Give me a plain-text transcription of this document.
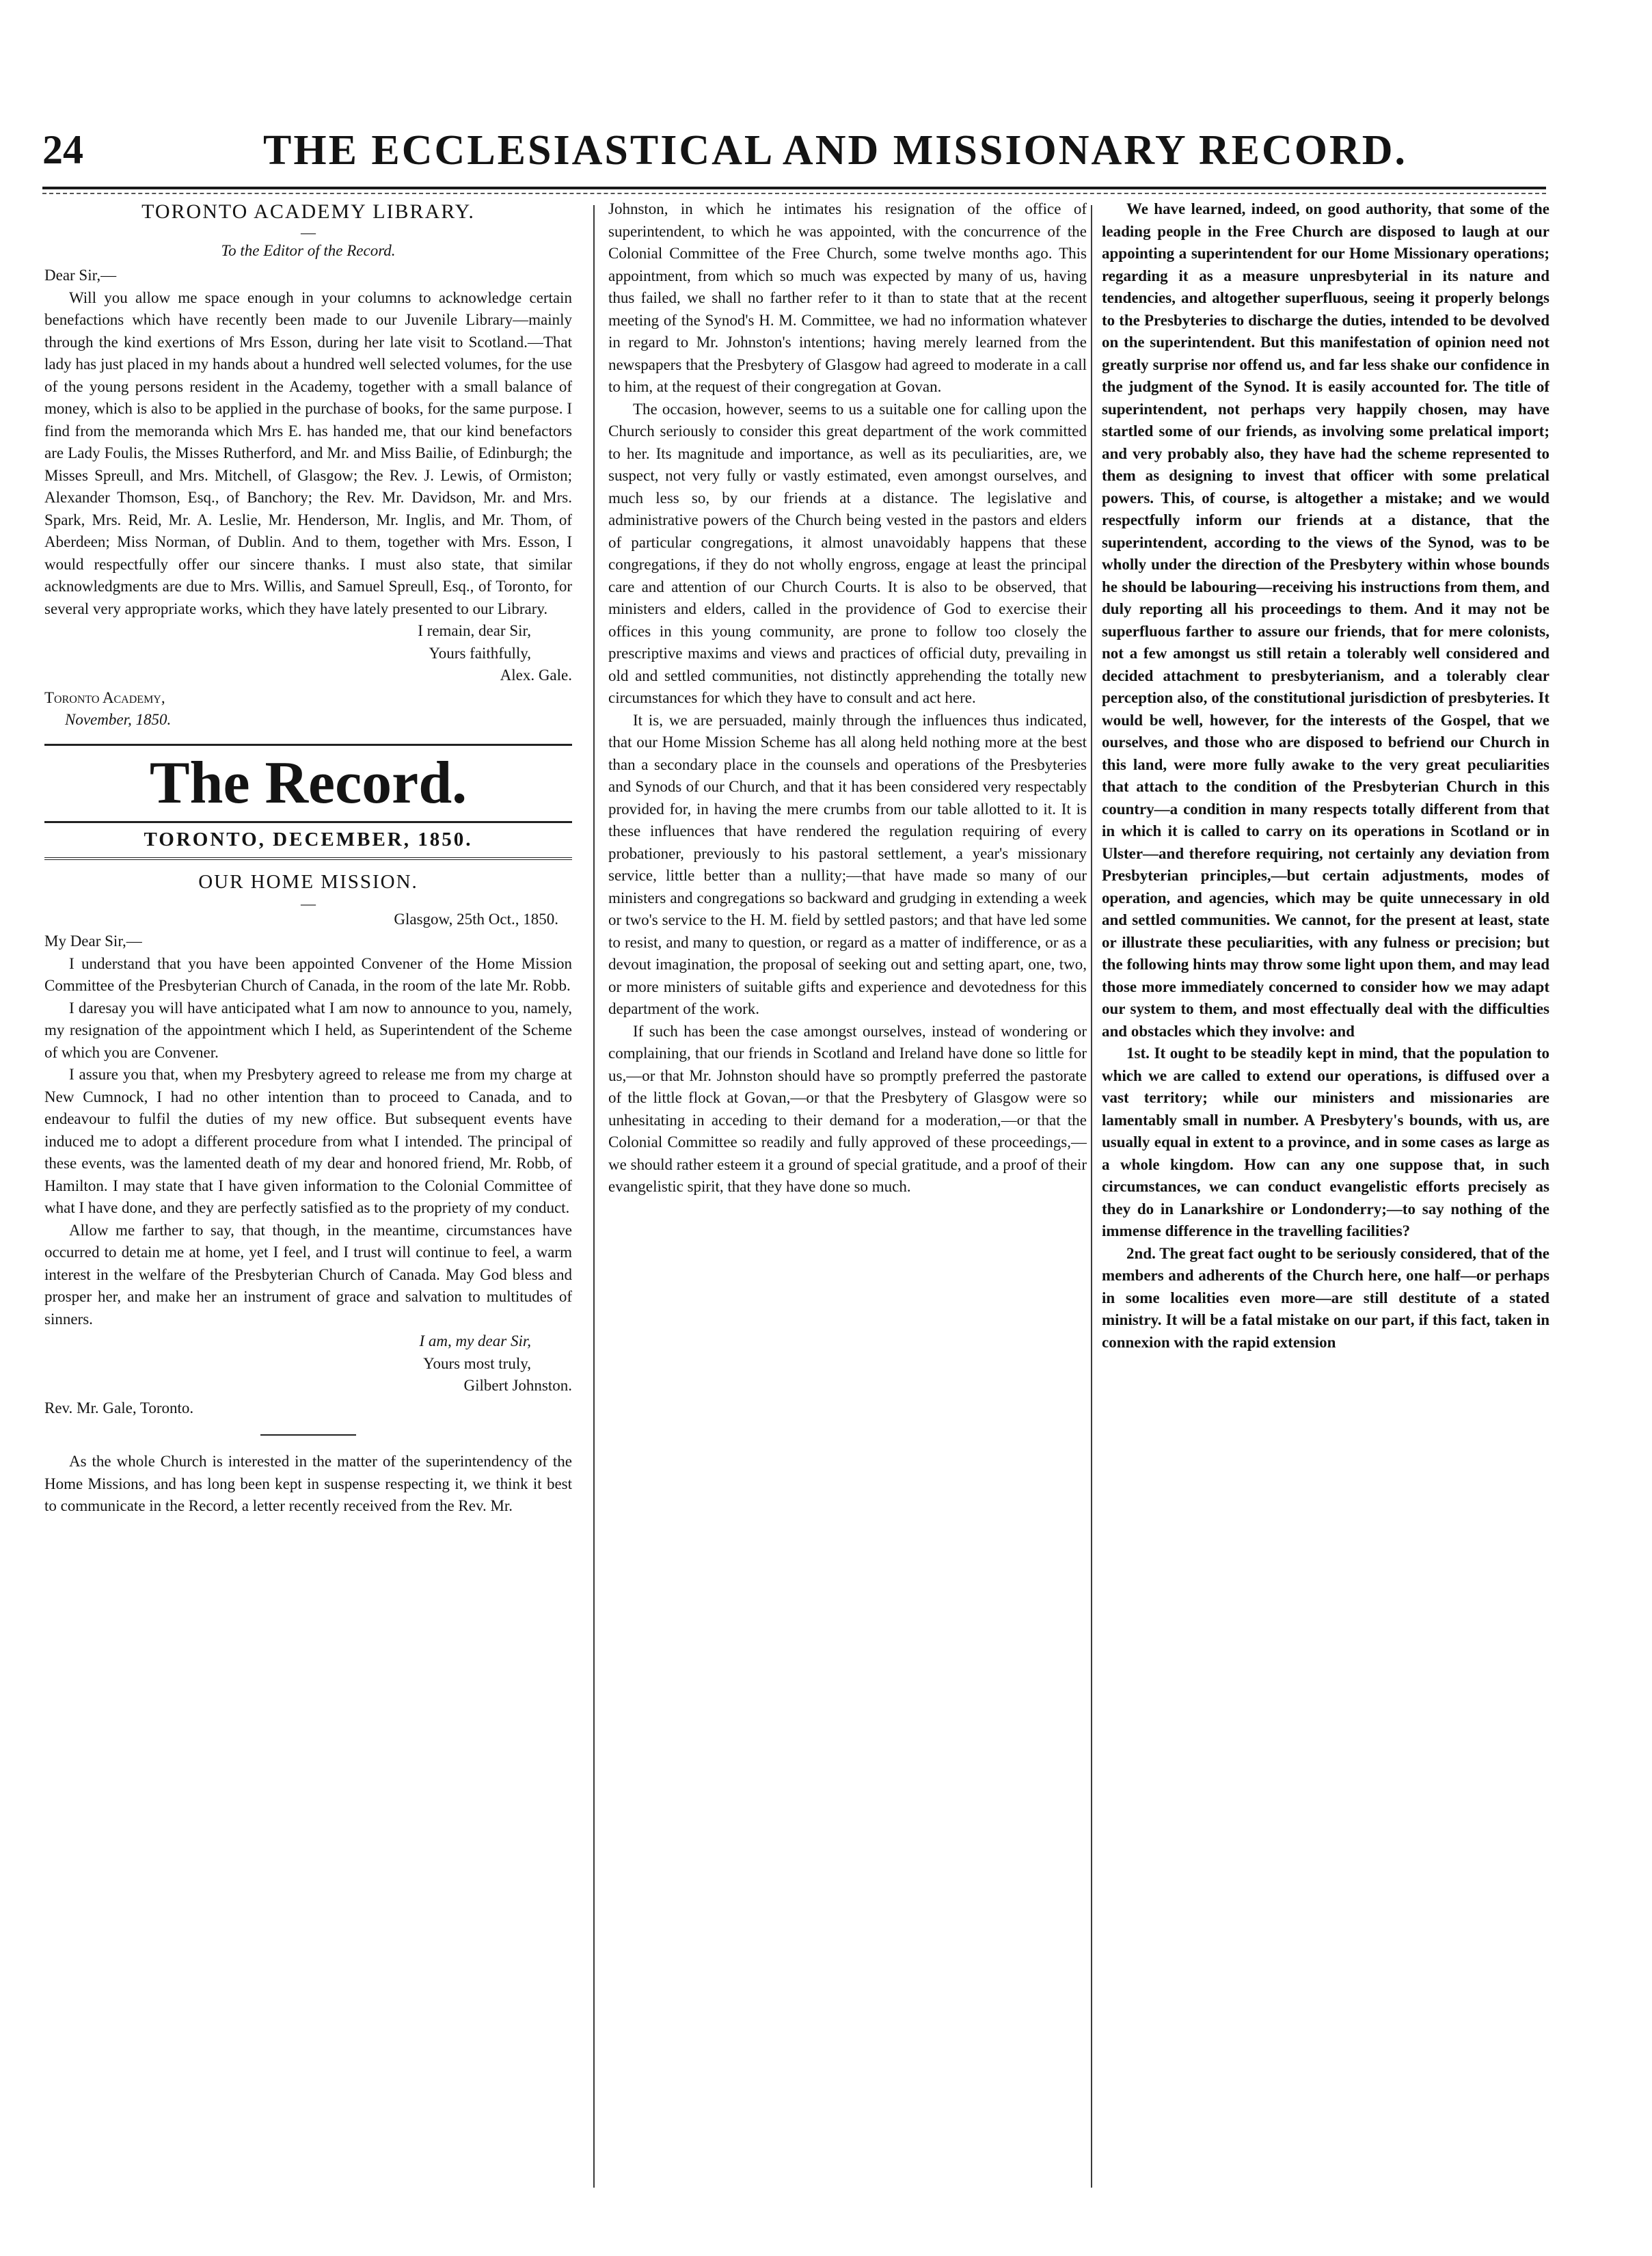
24	THE ECCLESIASTICAL AND MISSIONARY RECORD.
TORONTO ACADEMY LIBRARY.
—
To the Editor of the Record.

Dear Sir,—

Will you allow me space enough in your columns to acknowledge certain benefactions which have recently been made to our Juvenile Library—mainly through the kind exertions of Mrs Esson, during her late visit to Scotland.—That lady has just placed in my hands about a hundred well selected volumes, for the use of the young persons resident in the Academy, together with a small balance of money, which is also to be applied in the purchase of books, for the same purpose. I find from the memoranda which Mrs E. has handed me, that our kind benefactors are Lady Foulis, the Misses Rutherford, and Mr. and Miss Bailie, of Edinburgh; the Misses Spreull, and Mrs. Mitchell, of Glasgow; the Rev. J. Lewis, of Ormiston; Alexander Thomson, Esq., of Banchory; the Rev. Mr. Davidson, Mr. and Mrs. Spark, Mrs. Reid, Mr. A. Leslie, Mr. Henderson, Mr. Inglis, and Mr. Thom, of Aberdeen; Miss Norman, of Dublin. And to them, together with Mrs. Esson, I would respectfully offer our sincere thanks. I must also state, that similar acknowledgments are due to Mrs. Willis, and Samuel Spreull, Esq., of Toronto, for several very appropriate works, which they have lately presented to our Library.

I remain, dear Sir,

Yours faithfully,

Alex. Gale.

Toronto Academy,

November, 1850.

The Record.
TORONTO, DECEMBER, 1850.
OUR HOME MISSION.
—

Glasgow, 25th Oct., 1850.

My Dear Sir,—

I understand that you have been appointed Convener of the Home Mission Committee of the Presbyterian Church of Canada, in the room of the late Mr. Robb.

I daresay you will have anticipated what I am now to announce to you, namely, my resignation of the appointment which I held, as Superintendent of the Scheme of which you are Convener.

I assure you that, when my Presbytery agreed to release me from my charge at New Cumnock, I had no other intention than to proceed to Canada, and to endeavour to fulfil the duties of my new office. But subsequent events have induced me to adopt a different procedure from what I intended. The principal of these events, was the lamented death of my dear and honored friend, Mr. Robb, of Hamilton. I may state that I have given information to the Colonial Committee of what I have done, and they are perfectly satisfied as to the propriety of my conduct.

Allow me farther to say, that though, in the meantime, circumstances have occurred to detain me at home, yet I feel, and I trust will continue to feel, a warm interest in the welfare of the Presbyterian Church of Canada. May God bless and prosper her, and make her an instrument of grace and salvation to multitudes of sinners.

I am, my dear Sir,

Yours most truly,

Gilbert Johnston.

Rev. Mr. Gale, Toronto.

As the whole Church is interested in the matter of the superintendency of the Home Missions, and has long been kept in suspense respecting it, we think it best to communicate in the Record, a letter recently received from the Rev. Mr.

Johnston, in which he intimates his resignation of the office of superintendent, to which he was appointed, with the concurrence of the Colonial Committee of the Free Church, some twelve months ago. This appointment, from which so much was expected by many of us, having thus failed, we shall no farther refer to it than to state that at the recent meeting of the Synod's H. M. Committee, we had no information whatever in regard to Mr. Johnston's intentions; having merely learned from the newspapers that the Presbytery of Glasgow had agreed to moderate in a call to him, at the request of their congregation at Govan.

The occasion, however, seems to us a suitable one for calling upon the Church seriously to consider this great department of the work committed to her. Its magnitude and importance, as well as its peculiarities, are, we suspect, not very fully or vastly estimated, even amongst ourselves, and much less so, by our friends at a distance. The legislative and administrative powers of the Church being vested in the pastors and elders of particular congregations, it almost unavoidably happens that these congregations, if they do not wholly engross, engage at least the principal care and attention of our Church Courts. It is also to be observed, that ministers and elders, called in the providence of God to exercise their offices in this young community, are prone to follow too closely the prescriptive maxims and views and practices of official duty, prevailing in old and settled communities, not distinctly apprehending the totally new circumstances for which they have to consult and act here.

It is, we are persuaded, mainly through the influences thus indicated, that our Home Mission Scheme has all along held nothing more at the best than a secondary place in the counsels and operations of the Presbyteries and Synods of our Church, and that it has been considered very respectably provided for, in having the mere crumbs from our table allotted to it. It is these influences that have rendered the regulation requiring of every probationer, previously to his pastoral settlement, a year's missionary service, little better than a nullity;—that have made so many of our ministers and congregations so backward and grudging in extending a week or two's service to the H. M. field by settled pastors; and that have led some to resist, and many to question, or regard as a matter of indifference, or as a devout imagination, the proposal of seeking out and setting apart, one, two, or more ministers of suitable gifts and experience and devotedness for this department of the work.

If such has been the case amongst ourselves, instead of wondering or complaining, that our friends in Scotland and Ireland have done so little for us,—or that Mr. Johnston should have so promptly preferred the pastorate of the little flock at Govan,—or that the Presbytery of Glasgow were so unhesitating in acceding to their demand for a moderation,—or that the Colonial Committee so readily and fully approved of these proceedings,—we should rather esteem it a ground of special gratitude, and a proof of their evangelistic spirit, that they have done so much.

We have learned, indeed, on good authority, that some of the leading people in the Free Church are disposed to laugh at our appointing a superintendent for our Home Missionary operations; regarding it as a measure unpresbyterial in its nature and tendencies, and altogether superfluous, seeing it properly belongs to the Presbyteries to discharge the duties, intended to be devolved on the superintendent. But this manifestation of opinion need not greatly surprise nor offend us, and far less shake our confidence in the judgment of the Synod. It is easily accounted for. The title of superintendent, not perhaps very happily chosen, may have startled some of our friends, as involving some prelatical import; and very probably also, they have had the scheme represented to them as designing to invest that officer with some prelatical powers. This, of course, is altogether a mistake; and we would respectfully inform our friends at a distance, that the superintendent, according to the views of the Synod, was to be wholly under the direction of the Presbytery within whose bounds he should be labouring—receiving his instructions from them, and duly reporting all his proceedings to them. And it may not be superfluous farther to assure our friends, that for mere colonists, not a few amongst us still retain a tolerably well considered and decided attachment to presbyterianism, and a tolerably clear perception also, of the constitutional jurisdiction of presbyteries. It would be well, however, for the interests of the Gospel, that we ourselves, and those who are disposed to befriend our Church in this land, were more fully awake to the very great peculiarities that attach to the condition of the Presbyterian Church in this country—a condition in many respects totally different from that in which it is called to carry on its operations in Scotland or in Ulster—and therefore requiring, not certainly any deviation from Presbyterian principles,—but certain adjustments, modes of operation, and agencies, which may be quite unnecessary in old and settled communities. We cannot, for the present at least, state or illustrate these peculiarities, with any fulness or precision; but the following hints may throw some light upon them, and may lead those more immediately concerned to consider how we may adapt our system to them, and most effectually deal with the difficulties and obstacles which they involve: and

1st. It ought to be steadily kept in mind, that the population to which we are called to extend our operations, is diffused over a vast territory; while our ministers and missionaries are lamentably small in number. A Presbytery's bounds, with us, are usually equal in extent to a province, and in some cases as large as a whole kingdom. How can any one suppose that, in such circumstances, we can conduct evangelistic efforts precisely as they do in Lanarkshire or Londonderry;—to say nothing of the immense difference in the travelling facilities?

2nd. The great fact ought to be seriously considered, that of the members and adherents of the Church here, one half—or perhaps in some localities even more—are still destitute of a stated ministry. It will be a fatal mistake on our part, if this fact, taken in connexion with the rapid extension
